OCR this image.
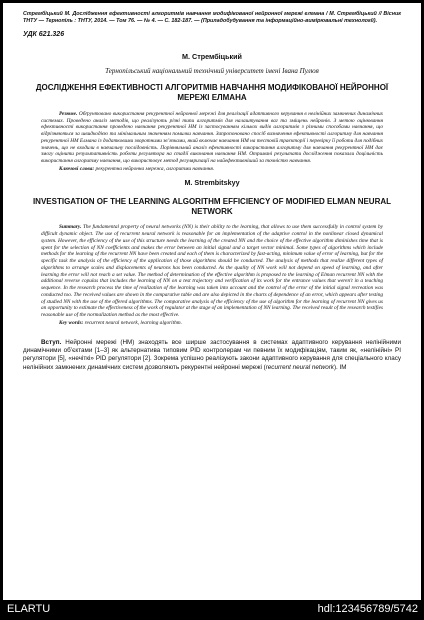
Стрембіцький М. Дослідження ефективності алгоритмів навчання модифікованої нейронної мережі елмана / М. Стрембіцький // Вісник ТНТУ — Тернопіль : ТНТУ, 2014. — Том 76. — № 4. — С. 182-187. — (Приладобудування та інформаційно-вимірювальні технології).
УДК 621.326
М. Стрембіцький
Тернопільський національний технічний університет імені Івана Пулюя
ДОСЛІДЖЕННЯ ЕФЕКТИВНОСТІ АЛГОРИТМІВ НАВЧАННЯ МОДИФІКОВАНОЇ НЕЙРОННОЇ МЕРЕЖІ ЕЛМАНА
Резюме. Обґрунтовано використання рекурентної нейронної мережі для реалізації адаптивного керування в нелінійних замкнених динамічних системах. Проведено аналіз методів, що реалізують різні типи алгоритмів для налаштування ваг та зміщень нейронів. З метою оцінювання ефективності використання проведено навчання рекурентної НМ із застосуванням кількох видів алгоритмів з різними способами навчання, що відрізняються за швидкодією та мінімальним значенням помилки навчання. Запропоновано спосіб визначення ефективності алгоритму для навчання рекурентної НМ Елмана із додатковими зворотними зв’язками, який включає навчання НМ на тестовій траєкторії і перевірку її роботи для подібних значень, що не входили в навчальну послідовність. Порівняльний аналіз ефективності використання алгоритму для навчання рекурентної НМ дає змогу оцінити результативність роботи регулятора на стадії виконання навчання НМ. Отримані результати дослідження показали доцільність використання алгоритму навчання, що використовує метод регуляризації на найефективніший за точністю навчання.
Ключові слова: рекурентна нейронна мережа, алгоритми навчання.
M. Strembitskyy
INVESTIGATION OF THE LEARNING ALGORITHM EFFICIENCY OF MODIFIED ELMAN NEURAL NETWORK
Summary. The fundamental property of neural networks (NN) is their ability to the learning, that allows to use them successfully in control system by difficult dynamic object. The use of recurrent neural network is reasonable for an implementation of the adaptive control in the nonlinear closed dynamical system. However, the efficiency of the use of this structure needs the learning of the created NN and the choice of the effective algorithm diminishes time that is spent for the selection of NN coefficients and makes the error between an initial signal and a target vector minimal. Some types of algorithms which include methods for the learning of the recurrent NN have been created and each of them is characterized by fast-acting, minimum value of error of learning, but for the specific task the analysis of the efficiency of the application of those algorithms should be conducted. The analysis of methods that realize different types of algorithms to arrange scales and displacements of neurons has been conducted. As the quality of NN work will not depend on speed of learning, and after learning the error will not reach a set value. The method of determination of the effective algorithm is proposed to the learning of Elman recurrent NN with the additional reverse copulas that includes the learning of NN on a test trajectory and verification of its work for the entrance values that weren't in a teaching sequence. In the research process the time of realization of the learning was taken into account and the control of the error of the initial signal recreation was conducted too. The received values are shown in the comparative table and are also depicted in the charts of dependence of an error, which appears after testing of studied NN with the use of the offered algorithms. The comparative analysis of the efficiency of the use of algorithm for the learning of recurrent NN gives us an opportunity to estimate the effectiveness of the work of regulator at the stage of an implementation of NN learning. The received result of the research testifies reasonable use of the normalization method as the most effective.
Key words: recurrent neural network, learning algorithm.
Вступ. Нейронні мережі (НМ) знаходять все ширше застосування в системах адаптивного керування нелінійними динамічними об’єктами [1–3] як альтернатива типовим PID контролерам чи певним їх модифікаціям, таким як, «нелінійні» PI регулятори [5], «нечіткі» PID регулятори [2]. Зокрема успішно реалізують закони адаптивного керування для спеціального класу нелінійних замкнених динамічних систем дозволяють рекурентні нейронні мережі (recurrent neural network). ІМ
ELARTU	hdl:123456789/5742
